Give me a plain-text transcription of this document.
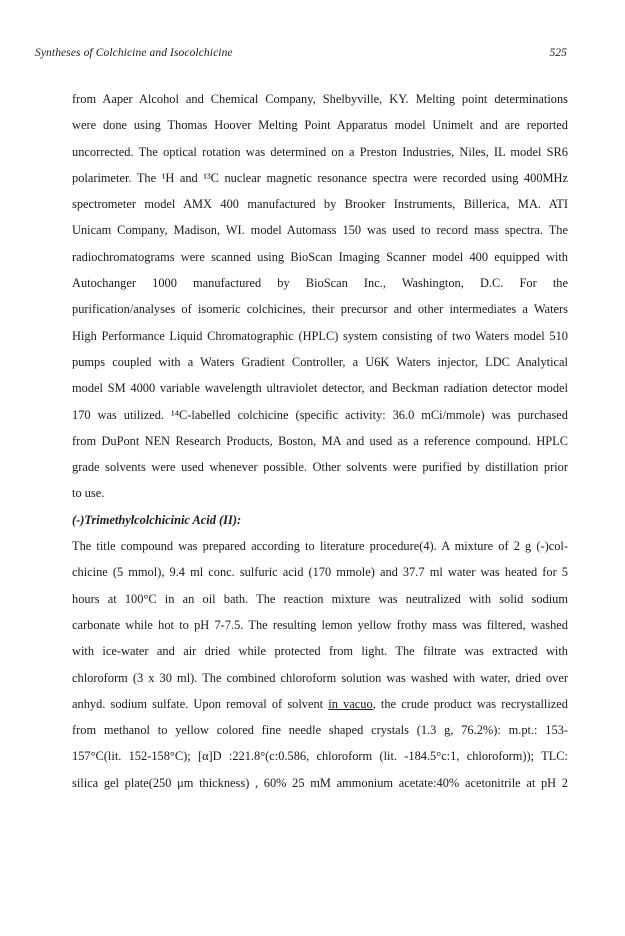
Syntheses of Colchicine and Isocolchicine	525
from Aaper Alcohol and Chemical Company, Shelbyville, KY. Melting point determinations
were done using Thomas Hoover Melting Point Apparatus model Unimelt and are reported
uncorrected. The optical rotation was determined on a Preston Industries, Niles, IL model SR6
polarimeter. The ¹H and ¹³C nuclear magnetic resonance spectra were recorded using 400MHz
spectrometer model AMX 400 manufactured by Brooker Instruments, Billerica, MA. ATI
Unicam Company, Madison, WI. model Automass 150 was used to record mass spectra. The
radiochromatograms were scanned using BioScan Imaging Scanner model 400 equipped with
Autochanger 1000 manufactured by BioScan Inc., Washington, D.C. For the
purification/analyses of isomeric colchicines, their precursor and other intermediates a Waters
High Performance Liquid Chromatographic (HPLC) system consisting of two Waters model 510
pumps coupled with a Waters Gradient Controller, a U6K Waters injector, LDC Analytical
model SM 4000 variable wavelength ultraviolet detector, and Beckman radiation detector model
170 was utilized. ¹⁴C-labelled colchicine (specific activity: 36.0 mCi/mmole) was purchased
from DuPont NEN Research Products, Boston, MA and used as a reference compound. HPLC
grade solvents were used whenever possible. Other solvents were purified by distillation prior
to use.
(-)Trimethylcolchicinic Acid (II):
The title compound was prepared according to literature procedure(4). A mixture of 2 g (-)col-
chicine (5 mmol), 9.4 ml conc. sulfuric acid (170 mmole) and 37.7 ml water was heated for 5
hours at 100°C in an oil bath. The reaction mixture was neutralized with solid sodium
carbonate while hot to pH 7-7.5. The resulting lemon yellow frothy mass was filtered, washed
with ice-water and air dried while protected from light. The filtrate was extracted with
chloroform (3 x 30 ml). The combined chloroform solution was washed with water, dried over
anhyd. sodium sulfate. Upon removal of solvent in vacuo, the crude product was recrystallized
from methanol to yellow colored fine needle shaped crystals (1.3 g, 76.2%): m.pt.: 153-
157°C(lit. 152-158°C); [α]D :221.8°(c:0.586, chloroform (lit. -184.5°c:1, chloroform)); TLC:
silica gel plate(250 μm thickness) , 60% 25 mM ammonium acetate:40% acetonitrile at pH 2
